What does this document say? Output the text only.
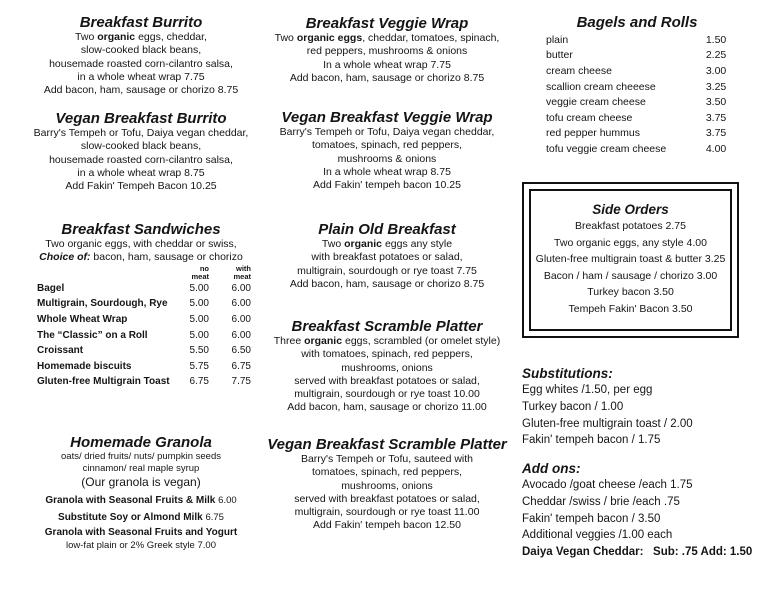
Breakfast Burrito
Two organic eggs, cheddar,
slow-cooked black beans,
housemade roasted corn-cilantro salsa,
in a whole wheat wrap 7.75
Add bacon, ham, sausage or chorizo 8.75
Vegan Breakfast Burrito
Barry's Tempeh or Tofu, Daiya vegan cheddar,
slow-cooked black beans,
housemade roasted corn-cilantro salsa,
in a whole wheat wrap 8.75
Add Fakin' Tempeh Bacon 10.25
Breakfast Sandwiches
Two organic eggs, with cheddar or swiss,
Choice of: bacon, ham, sausage or chorizo
	no
meat	with
meat
Bagel	5.00	6.00
Multigrain, Sourdough, Rye	5.00	6.00
Whole Wheat Wrap	5.00	6.00
The “Classic” on a Roll	5.00	6.00
Croissant	5.50	6.50
Homemade biscuits	5.75	6.75
Gluten-free Multigrain Toast	6.75	7.75
Homemade Granola
oats/ dried fruits/ nuts/ pumpkin seeds
cinnamon/ real maple syrup
(Our granola is vegan)
Granola with Seasonal Fruits & Milk 6.00
Substitute Soy or Almond Milk 6.75
Granola with Seasonal Fruits and Yogurt
low-fat plain or 2% Greek style 7.00
Breakfast Veggie Wrap
Two organic eggs, cheddar, tomatoes, spinach,
red peppers, mushrooms & onions
In a whole wheat wrap 7.75
Add bacon, ham, sausage or chorizo 8.75
Vegan Breakfast Veggie Wrap
Barry's Tempeh or Tofu, Daiya vegan cheddar,
tomatoes, spinach, red peppers,
mushrooms & onions
In a whole wheat wrap 8.75
Add Fakin' tempeh bacon 10.25
Plain Old Breakfast
Two organic eggs any style
with breakfast potatoes or salad,
multigrain, sourdough or rye toast 7.75
Add bacon, ham, sausage or chorizo 8.75
Breakfast Scramble Platter
Three organic eggs, scrambled (or omelet style)
with tomatoes, spinach, red peppers,
mushrooms, onions
served with breakfast potatoes or salad,
multigrain, sourdough or rye toast 10.00
Add bacon, ham, sausage or chorizo 11.00
Vegan Breakfast Scramble Platter
Barry's Tempeh or Tofu, sauteed with
tomatoes, spinach, red peppers,
mushrooms, onions
served with breakfast potatoes or salad,
multigrain, sourdough or rye toast 11.00
Add Fakin' tempeh bacon 12.50
Bagels and Rolls
plain	1.50
butter	2.25
cream cheese	3.00
scallion cream cheeese	3.25
veggie cream cheese	3.50
tofu cream cheese	3.75
red pepper hummus	3.75
tofu veggie cream cheese	4.00
Side Orders
Breakfast potatoes 2.75
Two organic eggs, any style 4.00
Gluten-free multigrain toast & butter 3.25
Bacon / ham / sausage / chorizo 3.00
Turkey bacon 3.50
Tempeh Fakin' Bacon 3.50
Substitutions:
Egg whites /1.50, per egg
Turkey bacon / 1.00
Gluten-free multigrain toast / 2.00
Fakin' tempeh bacon / 1.75
Add ons:
Avocado /goat cheese /each 1.75
Cheddar /swiss / brie /each .75
Fakin' tempeh bacon / 3.50
Additional veggies /1.00 each
Daiya Vegan Cheddar: Sub: .75 Add: 1.50
